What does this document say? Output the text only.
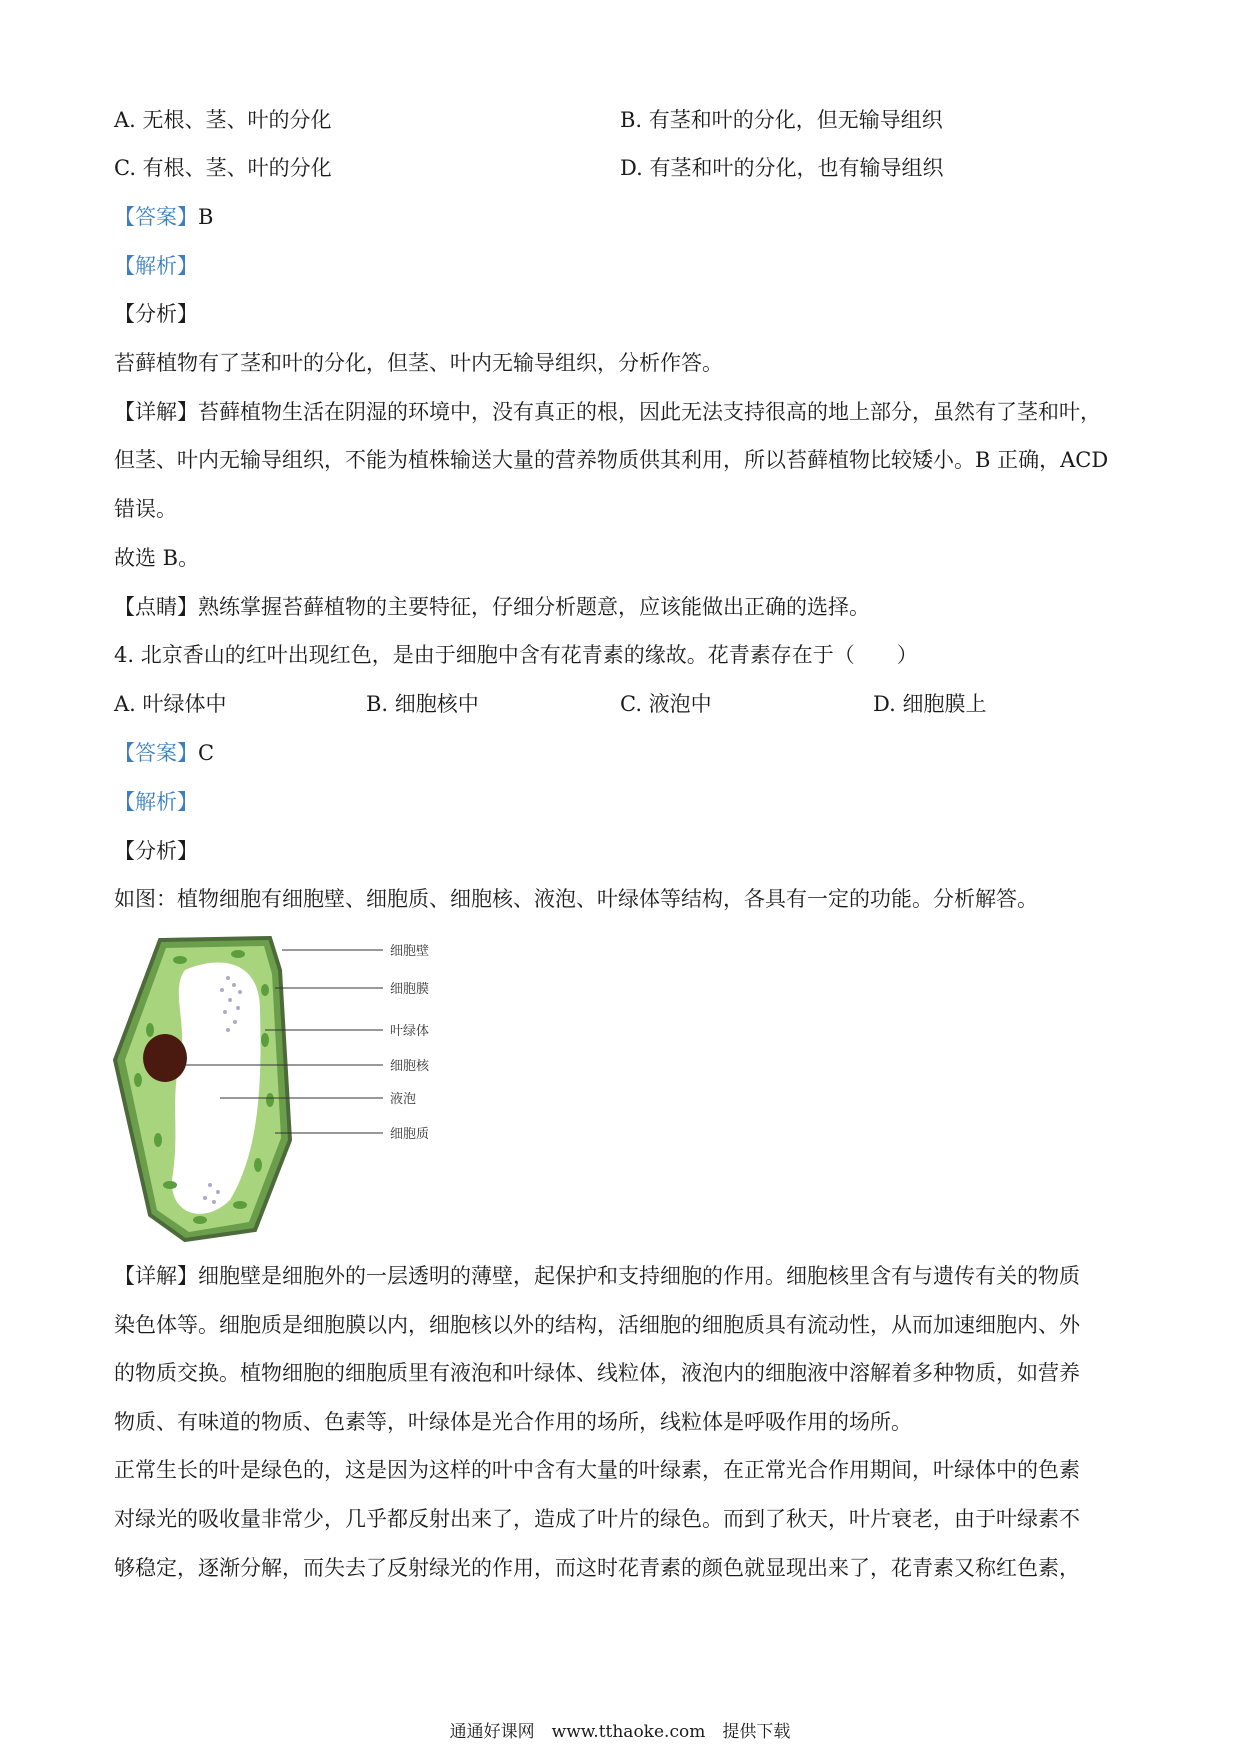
A. 无根、茎、叶的分化	B. 有茎和叶的分化，但无输导组织
C. 有根、茎、叶的分化	D. 有茎和叶的分化，也有输导组织
【答案】B
【解析】
【分析】
苔藓植物有了茎和叶的分化，但茎、叶内无输导组织，分析作答。
【详解】苔藓植物生活在阴湿的环境中，没有真正的根，因此无法支持很高的地上部分，虽然有了茎和叶，
但茎、叶内无输导组织，不能为植株输送大量的营养物质供其利用，所以苔藓植物比较矮小。B 正确，ACD
错误。
故选 B。
【点睛】熟练掌握苔藓植物的主要特征，仔细分析题意，应该能做出正确的选择。
4. 北京香山的红叶出现红色，是由于细胞中含有花青素的缘故。花青素存在于（　　）
A. 叶绿体中	B. 细胞核中	C. 液泡中	D. 细胞膜上
【答案】C
【解析】
【分析】
如图：植物细胞有细胞壁、细胞质、细胞核、液泡、叶绿体等结构，各具有一定的功能。分析解答。
细胞壁
细胞膜
叶绿体
细胞核
液泡
细胞质
【详解】细胞壁是细胞外的一层透明的薄壁，起保护和支持细胞的作用。细胞核里含有与遗传有关的物质
染色体等。细胞质是细胞膜以内，细胞核以外的结构，活细胞的细胞质具有流动性，从而加速细胞内、外
的物质交换。植物细胞的细胞质里有液泡和叶绿体、线粒体，液泡内的细胞液中溶解着多种物质，如营养
物质、有味道的物质、色素等，叶绿体是光合作用的场所，线粒体是呼吸作用的场所。
正常生长的叶是绿色的，这是因为这样的叶中含有大量的叶绿素，在正常光合作用期间，叶绿体中的色素
对绿光的吸收量非常少，几乎都反射出来了，造成了叶片的绿色。而到了秋天，叶片衰老，由于叶绿素不
够稳定，逐渐分解，而失去了反射绿光的作用，而这时花青素的颜色就显现出来了，花青素又称红色素，
通通好课网　www.tthaoke.com　提供下载
